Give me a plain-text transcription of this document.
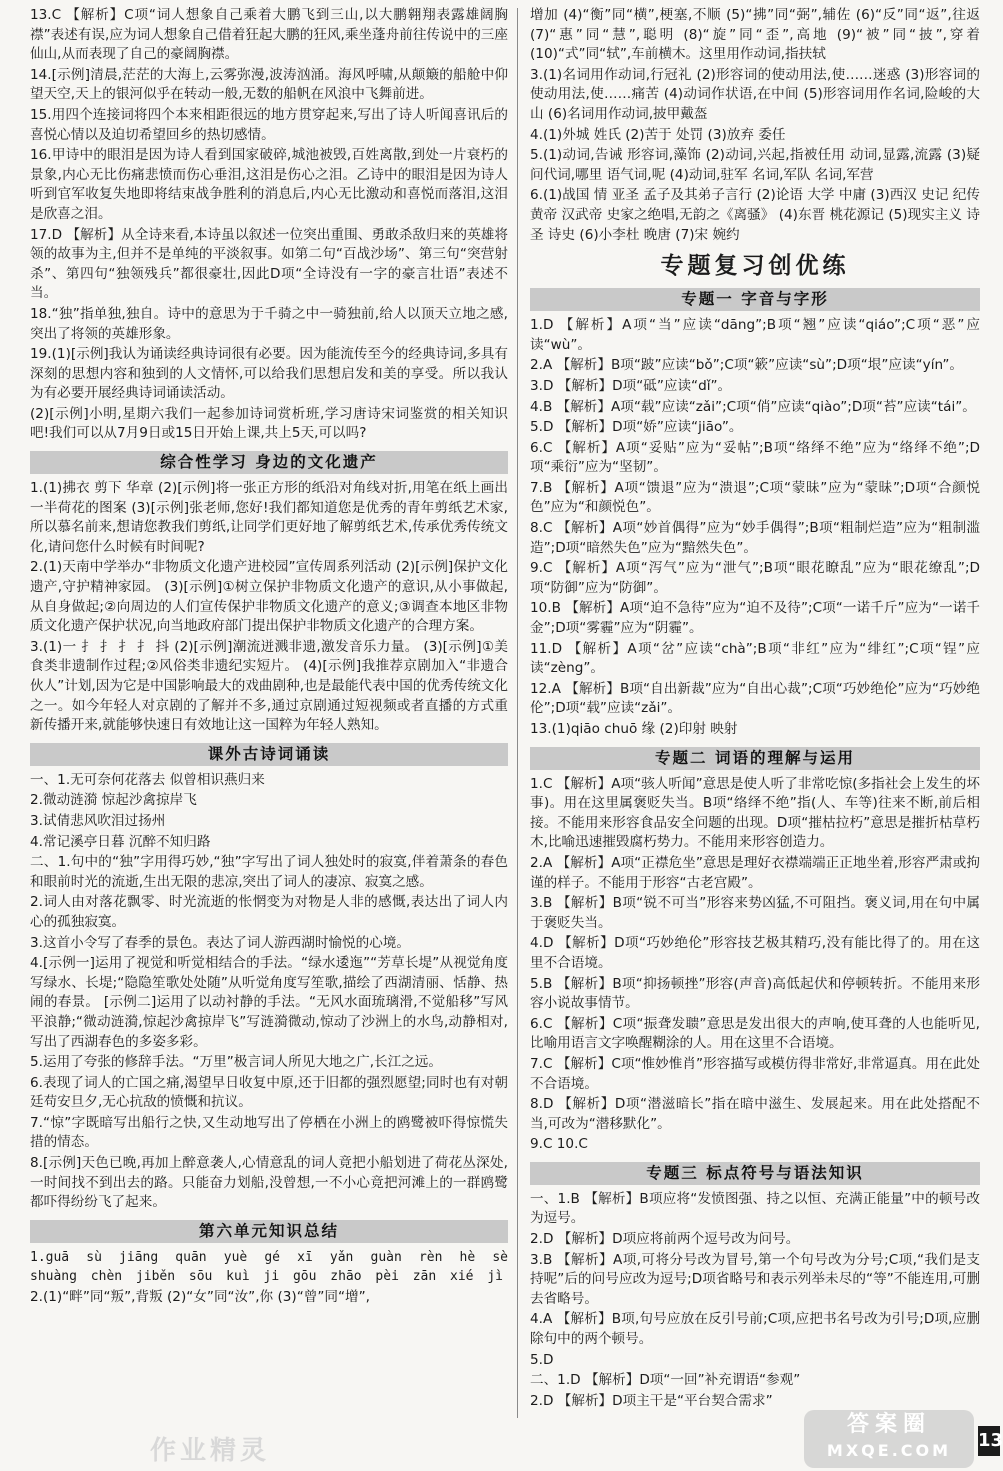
13.C 【解析】C项“词人想象自己乘着大鹏飞到三山,以大鹏翱翔表露雄阔胸襟”表述有误,应为词人想象自己借着狂起大鹏的狂风,乘坐蓬舟前往传说中的三座仙山,从而表现了自己的豪阔胸襟。

14.[示例]清晨,茫茫的大海上,云雾弥漫,波涛汹涌。海风呼啸,从颠簸的船舱中仰望天空,天上的银河似乎在转动一般,无数的船帆在风浪中飞舞前进。

15.用四个连接词将四个本来相距很远的地方贯穿起来,写出了诗人听闻喜讯后的喜悦心情以及迫切希望回乡的热切感情。

16.甲诗中的眼泪是因为诗人看到国家破碎,城池被毁,百姓离散,到处一片衰朽的景象,内心无比伤痛悲愤而伤心垂泪,这泪是伤心之泪。乙诗中的眼泪是因为诗人听到官军收复失地即将结束战争胜利的消息后,内心无比激动和喜悦而落泪,这泪是欣喜之泪。

17.D 【解析】从全诗来看,本诗虽以叙述一位突出重围、勇敢杀敌归来的英雄将领的故事为主,但并不是单纯的平淡叙事。如第二句“百战沙场”、第三句“突营射杀”、第四句“独领残兵”都很豪壮,因此D项“全诗没有一字的豪言壮语”表述不当。

18.“独”指单独,独自。诗中的意思为于千骑之中一骑独前,给人以顶天立地之感,突出了将领的英雄形象。

19.(1)[示例]我认为诵读经典诗词很有必要。因为能流传至今的经典诗词,多具有深刻的思想内容和独到的人文情怀,可以给我们思想启发和美的享受。所以我认为有必要开展经典诗词诵读活动。

(2)[示例]小明,星期六我们一起参加诗词赏析班,学习唐诗宋词鉴赏的相关知识吧!我们可以从7月9日或15日开始上课,共上5天,可以吗?

综合性学习 身边的文化遗产

1.(1)拂衣 剪下 华章 (2)[示例]将一张正方形的纸沿对角线对折,用笔在纸上画出一半荷花的图案 (3)[示例]张老师,您好!我们都知道您是优秀的青年剪纸艺术家,所以慕名前来,想请您教我们剪纸,让同学们更好地了解剪纸艺术,传承优秀传统文化,请问您什么时候有时间呢?

2.(1)天南中学举办“非物质文化遗产进校园”宣传周系列活动 (2)[示例]保护文化遗产,守护精神家园。 (3)[示例]①树立保护非物质文化遗产的意识,从小事做起,从自身做起;②向周边的人们宣传保护非物质文化遗产的意义;③调查本地区非物质文化遗产保护状况,向当地政府部门提出保护非物质文化遗产的合理方案。

3.(1)一 扌 扌 扌 扌 抖 (2)[示例]潮流迸溅非遗,激发音乐力量。 (3)[示例]①美食类非遗制作过程;②风俗类非遗纪实短片。 (4)[示例]我推荐京剧加入“非遗合伙人”计划,因为它是中国影响最大的戏曲剧种,也是最能代表中国的优秀传统文化之一。如今年轻人对京剧的了解并不多,通过京剧通过短视频或者直播的方式重新传播开来,就能够快速日有效地让这一国粹为年轻人熟知。

课外古诗词诵读

一、1.无可奈何花落去 似曾相识燕归来

2.微动涟漪 惊起沙禽掠岸飞

3.试倩悲风吹泪过扬州

4.常记溪亭日暮 沉醉不知归路

二、1.句中的“独”字用得巧妙,“独”字写出了词人独处时的寂寞,伴着萧条的春色和眼前时光的流逝,生出无限的悲凉,突出了词人的凄凉、寂寞之感。

2.词人由对落花飘零、时光流逝的怅惘变为对物是人非的感慨,表达出了词人内心的孤独寂寞。

3.这首小令写了春季的景色。表达了词人游西湖时愉悦的心境。

4.[示例一]运用了视觉和听觉相结合的手法。“绿水逶迤”“芳草长堤”从视觉角度写绿水、长堤;“隐隐笙歌处处随”从听觉角度写笙歌,描绘了西湖清丽、恬静、热闹的春景。 [示例二]运用了以动衬静的手法。“无风水面琉璃滑,不觉船移”写风平浪静;“微动涟漪,惊起沙禽掠岸飞”写涟漪微动,惊动了沙洲上的水鸟,动静相对,写出了西湖春色的多姿多彩。

5.运用了夸张的修辞手法。“万里”极言词人所见大地之广,长江之远。

6.表现了词人的亡国之痛,渴望早日收复中原,还于旧都的强烈愿望;同时也有对朝廷苟安旦夕,无心抗敌的愤慨和抗议。

7.“惊”字既暗写出船行之快,又生动地写出了停栖在小洲上的鸥鹭被吓得惊慌失措的情态。

8.[示例]天色已晚,再加上醉意袭人,心情意乱的词人竟把小船划进了荷花丛深处,一时间找不到出去的路。只能奋力划船,没曾想,一不小心竟把河滩上的一群鸥鹭都吓得纷纷飞了起来。

第六单元知识总结

1.guā sù jiāng quān yuè gé xī yǎn guàn rèn hè sè shuàng chèn jiběn sōu kuì ji gōu zhāo pèi zān xié jì

2.(1)“畔”同“叛”,背叛 (2)“女”同“汝”,你 (3)“曾”同“增”,

增加 (4)“衡”同“横”,梗塞,不顺 (5)“拂”同“弼”,辅佐 (6)“反”同“返”,往返 (7)“惠”同“慧”,聪明 (8)“旋”同“歪”,高地 (9)“被”同“披”,穿着 (10)“式”同“轼”,车前横木。这里用作动词,指扶轼

3.(1)名词用作动词,行冠礼 (2)形容词的使动用法,使……迷惑 (3)形容词的使动用法,使……痛苦 (4)动词作状语,在中间 (5)形容词用作名词,险峻的大山 (6)名词用作动词,披甲戴盔

4.(1)外城 姓氏 (2)苦于 处罚 (3)放弃 委任

5.(1)动词,告诫 形容词,藻饰 (2)动词,兴起,指被任用 动词,显露,流露 (3)疑问代词,哪里 语气词,呢 (4)动词,驻军 名词,军队 名词,军营

6.(1)战国 情 亚圣 孟子及其弟子言行 (2)论语 大学 中庸 (3)西汉 史记 纪传 黄帝 汉武帝 史家之绝唱,无韵之《离骚》 (4)东晋 桃花源记 (5)现实主义 诗圣 诗史 (6)小李杜 晚唐 (7)宋 婉约

专题复习创优练
专题一 字音与字形

1.D 【解析】A项“当”应读“dāng”;B项“翘”应读“qiáo”;C项“恶”应读“wù”。

2.A 【解析】B项“跛”应读“bǒ”;C项“簌”应读“sù”;D项“垠”应读“yín”。

3.D 【解析】D项“砥”应读“dǐ”。

4.B 【解析】A项“载”应读“zǎi”;C项“俏”应读“qiào”;D项“苔”应读“tái”。

5.D 【解析】D项“娇”应读“jiāo”。

6.C 【解析】A项“妥贴”应为“妥帖”;B项“络绎不绝”应为“络绎不绝”;D项“乘衍”应为“坚韧”。

7.B 【解析】A项“馈退”应为“溃退”;C项“蒙昧”应为“蒙昧”;D项“合颜悦色”应为“和颜悦色”。

8.C 【解析】A项“妙首偶得”应为“妙手偶得”;B项“粗制烂造”应为“粗制滥造”;D项“暗然失色”应为“黯然失色”。

9.C 【解析】A项“泻气”应为“泄气”;B项“眼花瞭乱”应为“眼花缭乱”;D项“防御”应为“防御”。

10.B 【解析】A项“迫不急待”应为“迫不及待”;C项“一诺千斤”应为“一诺千金”;D项“雾霾”应为“阴霾”。

11.D 【解析】A项“岔”应读“chà”;B项“非红”应为“绯红”;C项“锃”应读“zèng”。

12.A 【解析】B项“自出新裁”应为“自出心裁”;C项“巧妙绝伦”应为“巧妙绝伦”;D项“载”应读“zǎi”。

13.(1)qiāo chuō 缘 (2)印射 映射

专题二 词语的理解与运用

1.C 【解析】A项“骇人听闻”意思是使人听了非常吃惊(多指社会上发生的坏事)。用在这里属褒贬失当。B项“络绎不绝”指(人、车等)往来不断,前后相接。不能用来形容食品安全问题的出现。D项“摧枯拉朽”意思是摧折枯草朽木,比喻迅速摧毁腐朽势力。不能用来形容创造力。

2.A 【解析】A项“正襟危坐”意思是理好衣襟端端正正地坐着,形容严肃或拘谨的样子。不能用于形容“古老宫殿”。

3.B 【解析】B项“锐不可当”形容来势凶猛,不可阻挡。褒义词,用在句中属于褒贬失当。

4.D 【解析】D项“巧妙绝伦”形容技艺极其精巧,没有能比得了的。用在这里不合语境。

5.B 【解析】B项“抑扬顿挫”形容(声音)高低起伏和停顿转折。不能用来形容小说故事情节。

6.C 【解析】C项“振聋发聩”意思是发出很大的声响,使耳聋的人也能听见,比喻用语言文字唤醒糊涂的人。用在这里不合语境。

7.C 【解析】C项“惟妙惟肖”形容描写或模仿得非常好,非常逼真。用在此处不合语境。

8.D 【解析】D项“潜滋暗长”指在暗中滋生、发展起来。用在此处搭配不当,可改为“潜移默化”。

9.C 10.C

专题三 标点符号与语法知识

一、1.B 【解析】B项应将“发愤图强、持之以恒、充满正能量”中的顿号改为逗号。

2.D 【解析】D项应将前两个逗号改为问号。

3.B 【解析】A项,可将分号改为冒号,第一个句号改为分号;C项,“我们是支持呢”后的问号应改为逗号;D项省略号和表示列举未尽的“等”不能连用,可删去省略号。

4.A 【解析】B项,句号应放在反引号前;C项,应把书名号改为引号;D项,应删除句中的两个顿号。

5.D

二、1.D 【解析】D项“一回”补充谓语“参观”

2.D 【解析】D项主干是“平台契合需求”

作业精灵
答案圈
MXQE.COM	13
